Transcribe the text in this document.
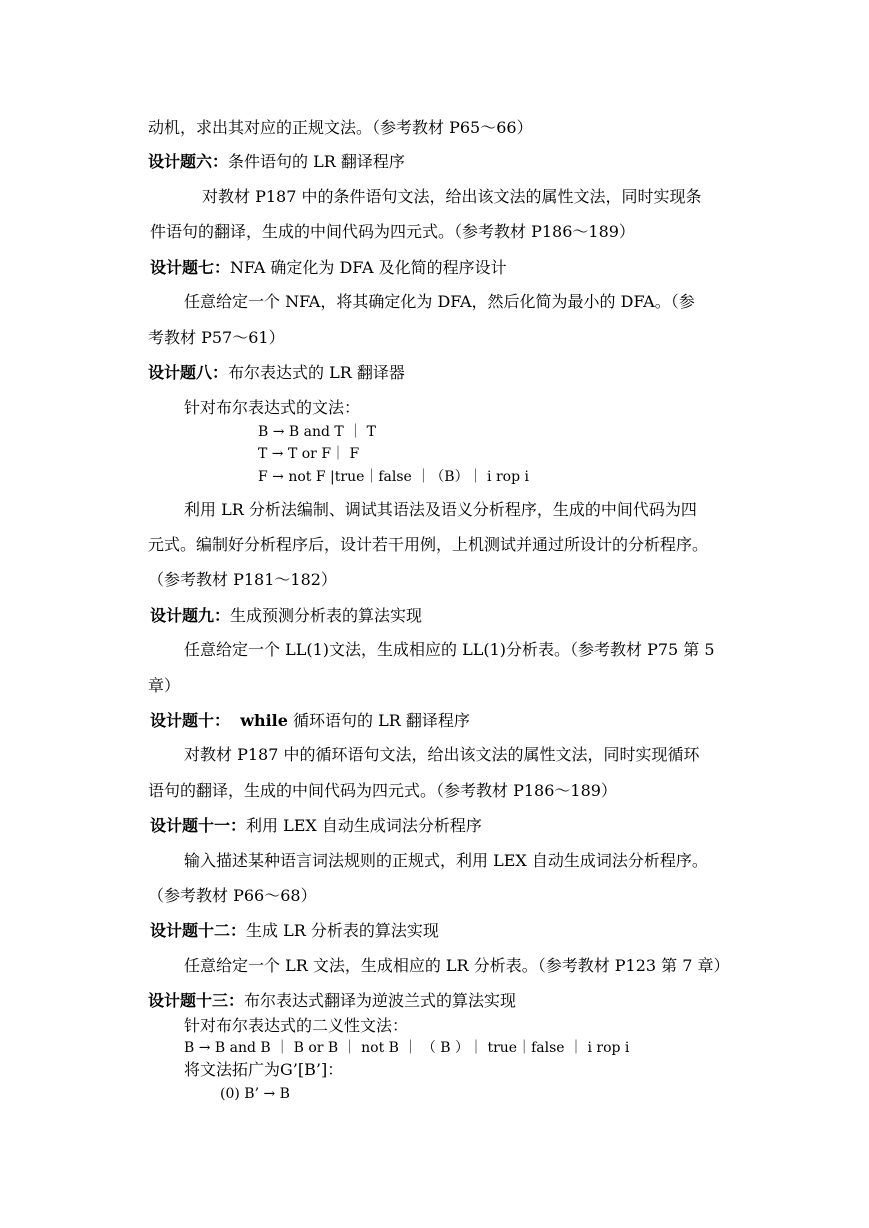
动机，求出其对应的正规文法。（参考教材 P65～66）
设计题六：条件语句的 LR 翻译程序
对教材 P187 中的条件语句文法，给出该文法的属性文法，同时实现条
件语句的翻译，生成的中间代码为四元式。（参考教材 P186～189）
设计题七：NFA 确定化为 DFA 及化简的程序设计
任意给定一个 NFA，将其确定化为 DFA，然后化简为最小的 DFA。（参
考教材 P57～61）
设计题八：布尔表达式的 LR 翻译器
针对布尔表达式的文法：
B → B and T ｜ T
T → T or F｜ F
F → not F |true｜false ｜（B）｜ i rop i
利用 LR 分析法编制、调试其语法及语义分析程序，生成的中间代码为四
元式。编制好分析程序后，设计若干用例，上机测试并通过所设计的分析程序。
（参考教材 P181～182）
设计题九：生成预测分析表的算法实现
任意给定一个 LL(1)文法，生成相应的 LL(1)分析表。（参考教材 P75 第 5
章）
设计题十： while 循环语句的 LR 翻译程序
对教材 P187 中的循环语句文法，给出该文法的属性文法，同时实现循环
语句的翻译，生成的中间代码为四元式。（参考教材 P186～189）
设计题十一：利用 LEX 自动生成词法分析程序
输入描述某种语言词法规则的正规式，利用 LEX 自动生成词法分析程序。
（参考教材 P66～68）
设计题十二：生成 LR 分析表的算法实现
任意给定一个 LR 文法，生成相应的 LR 分析表。（参考教材 P123 第 7 章）
设计题十三：布尔表达式翻译为逆波兰式的算法实现
针对布尔表达式的二义性文法：
B → B and B ｜ B or B ｜ not B ｜ （ B ）｜ true｜false ｜ i rop i
将文法拓广为G’[B’]：
(0) B’ → B
